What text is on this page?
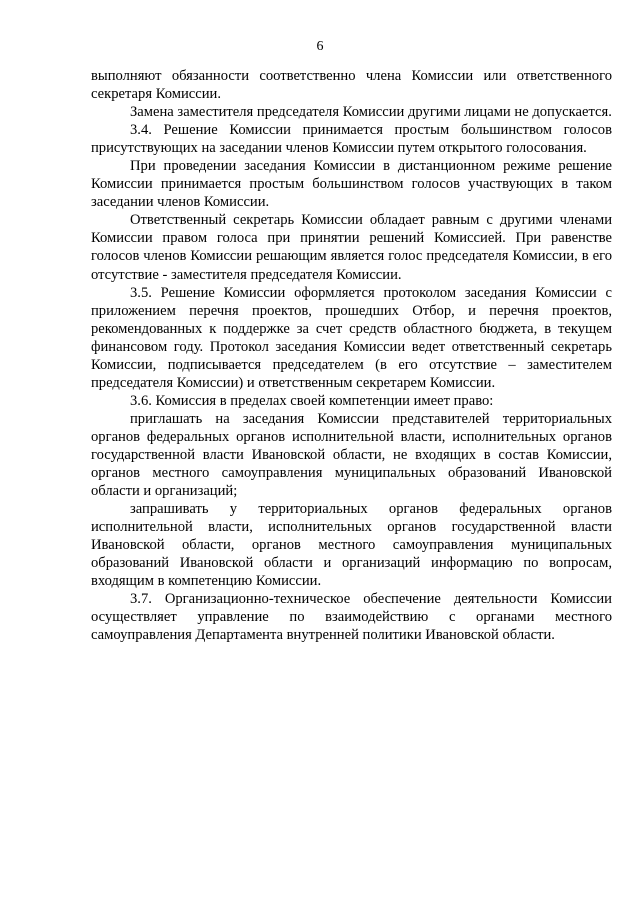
6

выполняют обязанности соответственно члена Комиссии или ответственного секретаря Комиссии.

Замена заместителя председателя Комиссии другими лицами не допускается.

3.4. Решение Комиссии принимается простым большинством голосов присутствующих на заседании членов Комиссии путем открытого голосования.

При проведении заседания Комиссии в дистанционном режиме решение Комиссии принимается простым большинством голосов участвующих в таком заседании членов Комиссии.

Ответственный секретарь Комиссии обладает равным с другими членами Комиссии правом голоса при принятии решений Комиссией. При равенстве голосов членов Комиссии решающим является голос председателя Комиссии, в его отсутствие - заместителя председателя Комиссии.

3.5. Решение Комиссии оформляется протоколом заседания Комиссии с приложением перечня проектов, прошедших Отбор, и перечня проектов, рекомендованных к поддержке за счет средств областного бюджета, в текущем финансовом году. Протокол заседания Комиссии ведет ответственный секретарь Комиссии, подписывается председателем (в его отсутствие – заместителем председателя Комиссии) и ответственным секретарем Комиссии.

3.6. Комиссия в пределах своей компетенции имеет право:

приглашать на заседания Комиссии представителей территориальных органов федеральных органов исполнительной власти, исполнительных органов государственной власти Ивановской области, не входящих в состав Комиссии, органов местного самоуправления муниципальных образований Ивановской области и организаций;

запрашивать у территориальных органов федеральных органов исполнительной власти, исполнительных органов государственной власти Ивановской области, органов местного самоуправления муниципальных образований Ивановской области и организаций информацию по вопросам, входящим в компетенцию Комиссии.

3.7. Организационно-техническое обеспечение деятельности Комиссии осуществляет управление по взаимодействию с органами местного самоуправления Департамента внутренней политики Ивановской области.
